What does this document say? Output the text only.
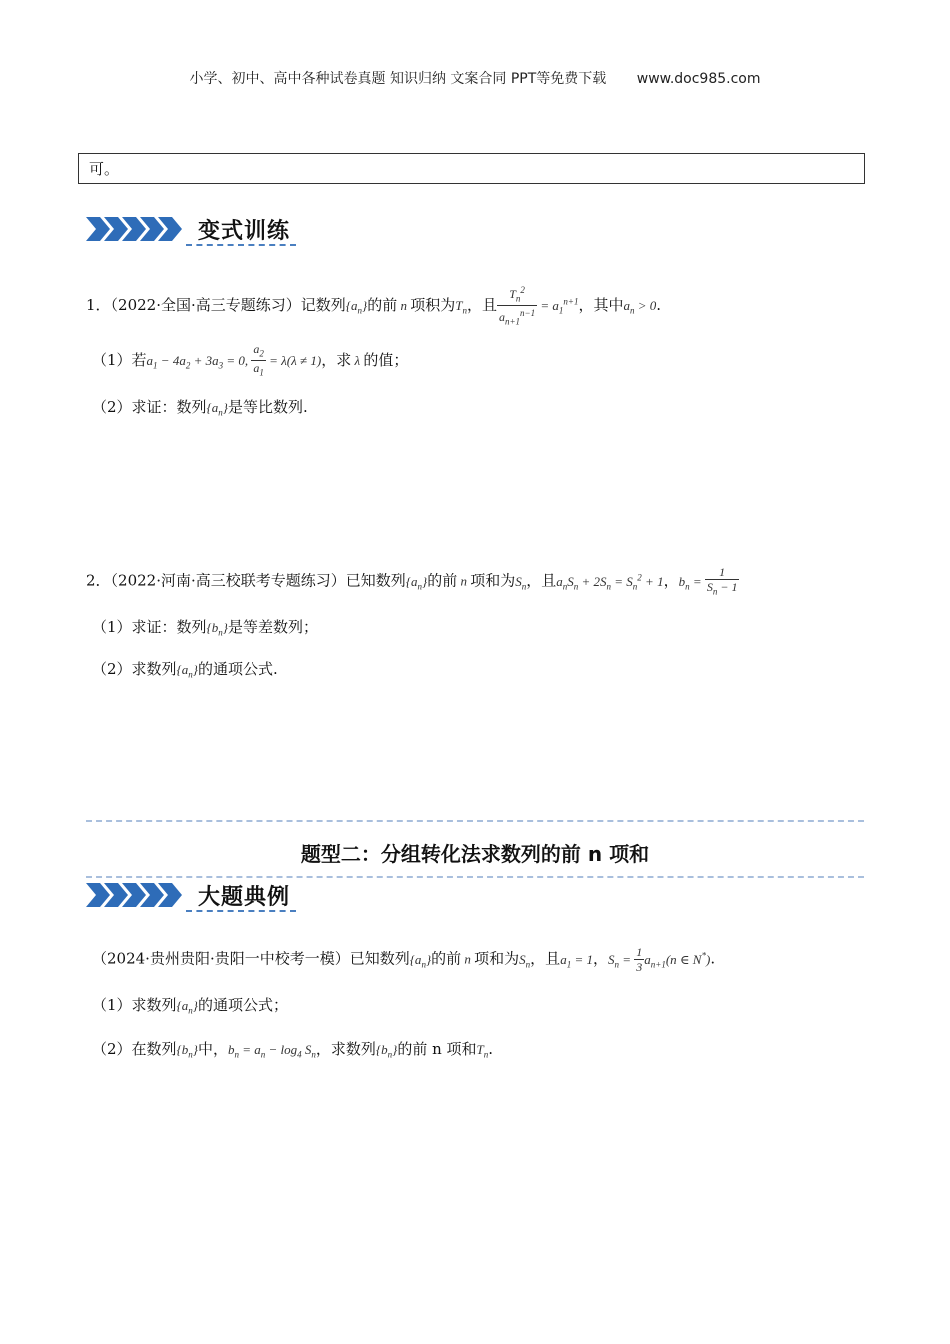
小学、初中、高中各种试卷真题 知识归纳 文案合同 PPT等免费下载 www.doc985.com
可。
变式训练
1．（2022·全国·高三专题练习）记数列$\{a_n\}$的前 n 项积为$T_n$，且 $\frac{T_n^2}{a_{n+1}^{n-1}} = a_1^{n+1}$，其中$a_n > 0$.
（1）若$a_1 - 4a_2 + 3a_3 = 0$, $\frac{a_2}{a_1} = \lambda(\lambda \ne 1)$，求 λ 的值；
（2）求证：数列$\{a_n\}$是等比数列.
2．（2022·河南·高三校联考专题练习）已知数列$\{a_n\}$的前 n 项和为$S_n$，且$a_nS_n + 2S_n = S_n^2 + 1$，$b_n = \frac{1}{S_n - 1}$
（1）求证：数列$\{b_n\}$是等差数列；
（2）求数列$\{a_n\}$的通项公式.
题型二：分组转化法求数列的前 n 项和
大题典例
（2024·贵州贵阳·贵阳一中校考一模）已知数列$\{a_n\}$的前 n 项和为$S_n$，且$a_1 = 1$，$S_n = \frac{1}{3} a_{n+1}(n$ ∈ N*).
（1）求数列$\{a_n\}$的通项公式；
（2）在数列$\{b_n\}$中，$b_n = a_n - \log_4 S_n$，求数列$\{b_n\}$的前 n 项和$T_n$.
